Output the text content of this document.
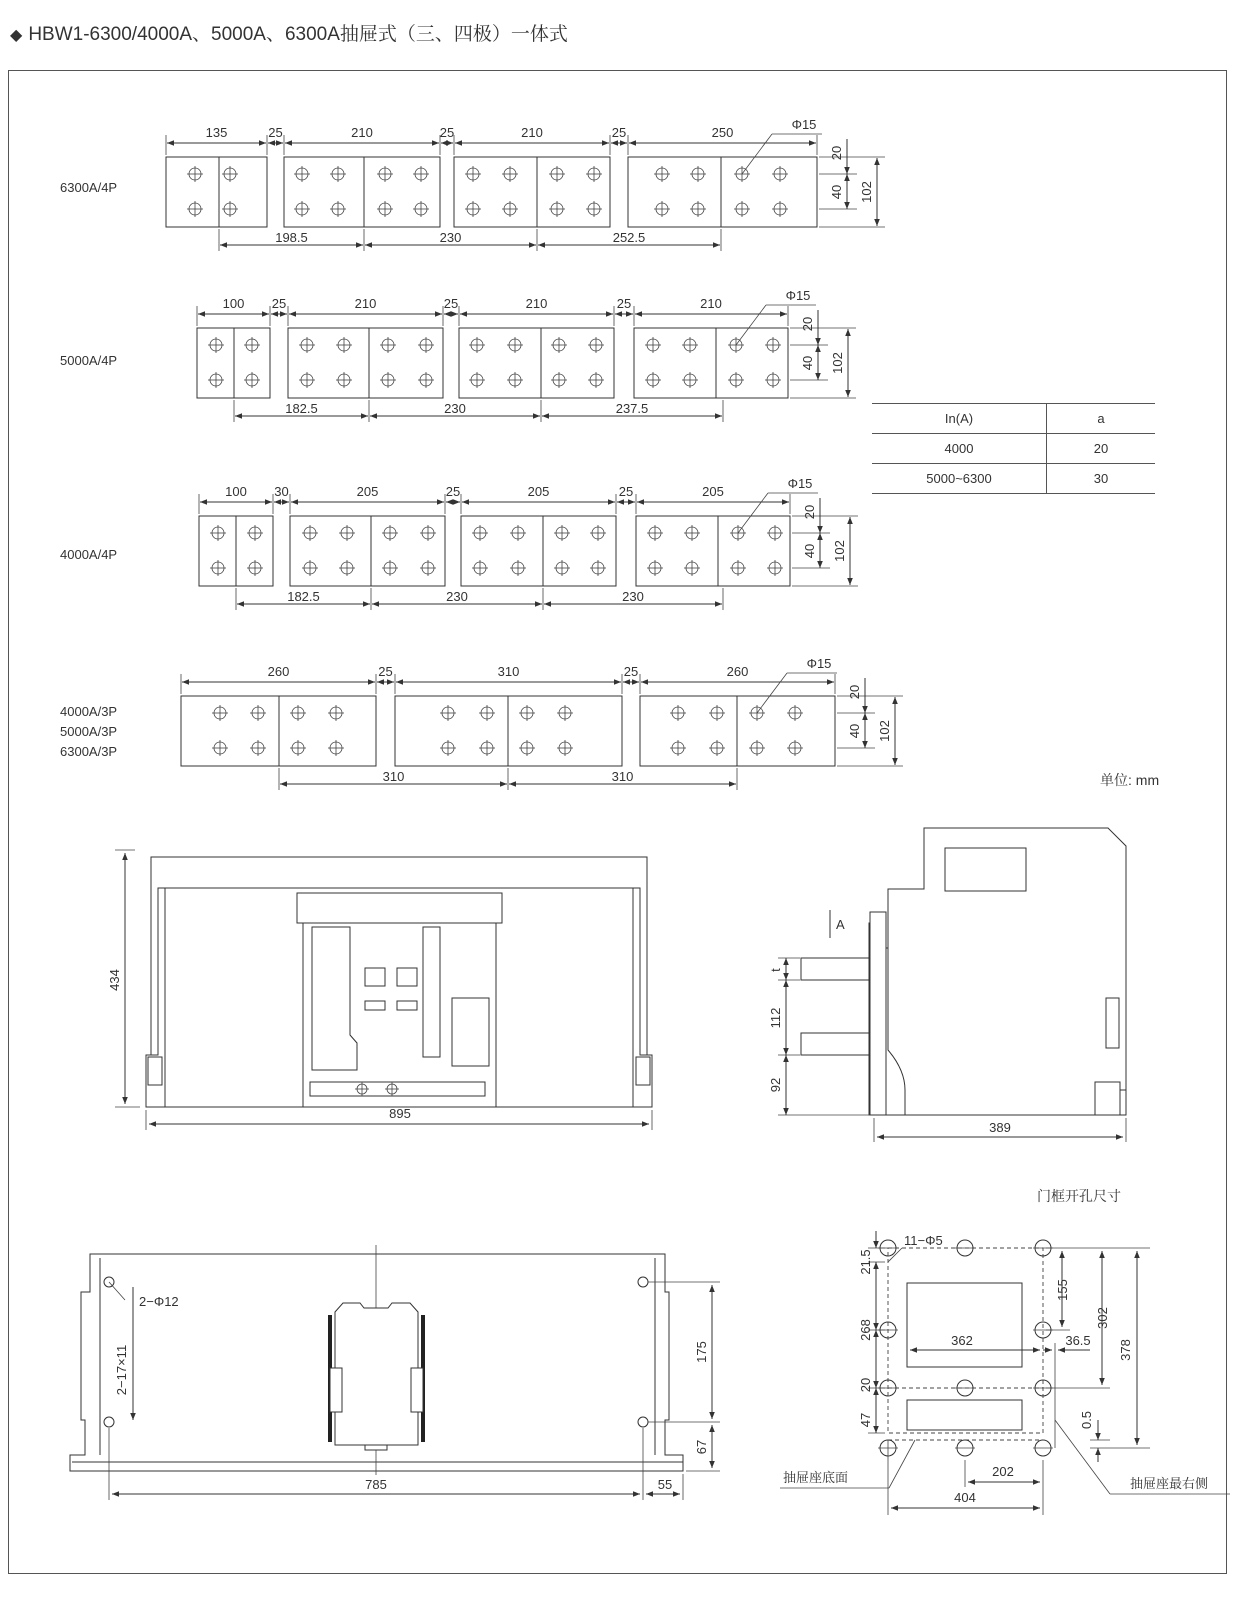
◆ HBW1-6300/4000A、5000A、6300A抽屉式（三、四极）一体式
135	25	210	25	210	25	250
198.5	230	252.5
Φ15
20
40 102
100 25	210	25	210	25	210
182.5	230	237.5
Φ15
20
40 102
100 30	205	25	205	25	205
182.5	230	230
Φ15
20
40 102
260	25	310	25	260
310	310
Φ15
20
40 102
434
895
A
t
112
92
389
2−Φ12
2−17×11	175
67
785	55
11−Φ5
21.5
268
20
47
155
302
378
362	36.5
0.5
202
404
抽屉座底面	抽屉座最右侧
6300A/4P
5000A/4P
4000A/4P
4000A/3P
5000A/3P
6300A/3P
In(A)	a
4000	20
5000~6300	30
单位: mm
门框开孔尺寸
